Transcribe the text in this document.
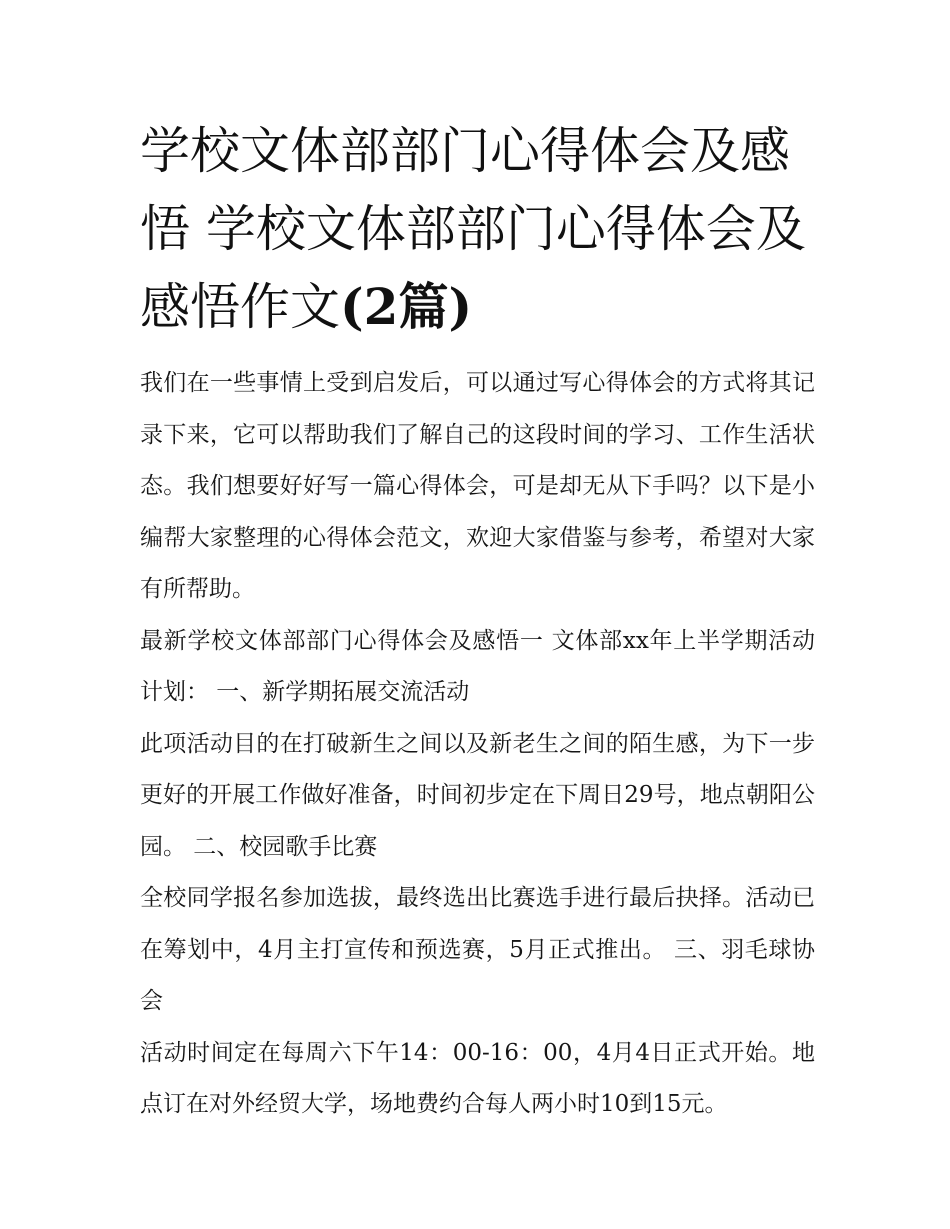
学校文体部部门心得体会及感悟 学校文体部部门心得体会及感悟作文(2篇)

我们在一些事情上受到启发后，可以通过写心得体会的方式将其记录下来，它可以帮助我们了解自己的这段时间的学习、工作生活状态。我们想要好好写一篇心得体会，可是却无从下手吗？以下是小编帮大家整理的心得体会范文，欢迎大家借鉴与参考，希望对大家有所帮助。

最新学校文体部部门心得体会及感悟一 文体部xx年上半学期活动计划： 一、新学期拓展交流活动

此项活动目的在打破新生之间以及新老生之间的陌生感，为下一步更好的开展工作做好准备，时间初步定在下周日29号，地点朝阳公园。 二、校园歌手比赛

全校同学报名参加选拔，最终选出比赛选手进行最后抉择。活动已在筹划中，4月主打宣传和预选赛，5月正式推出。 三、羽毛球协会

活动时间定在每周六下午14：00-16：00，4月4日正式开始。地点订在对外经贸大学，场地费约合每人两小时10到15元。
